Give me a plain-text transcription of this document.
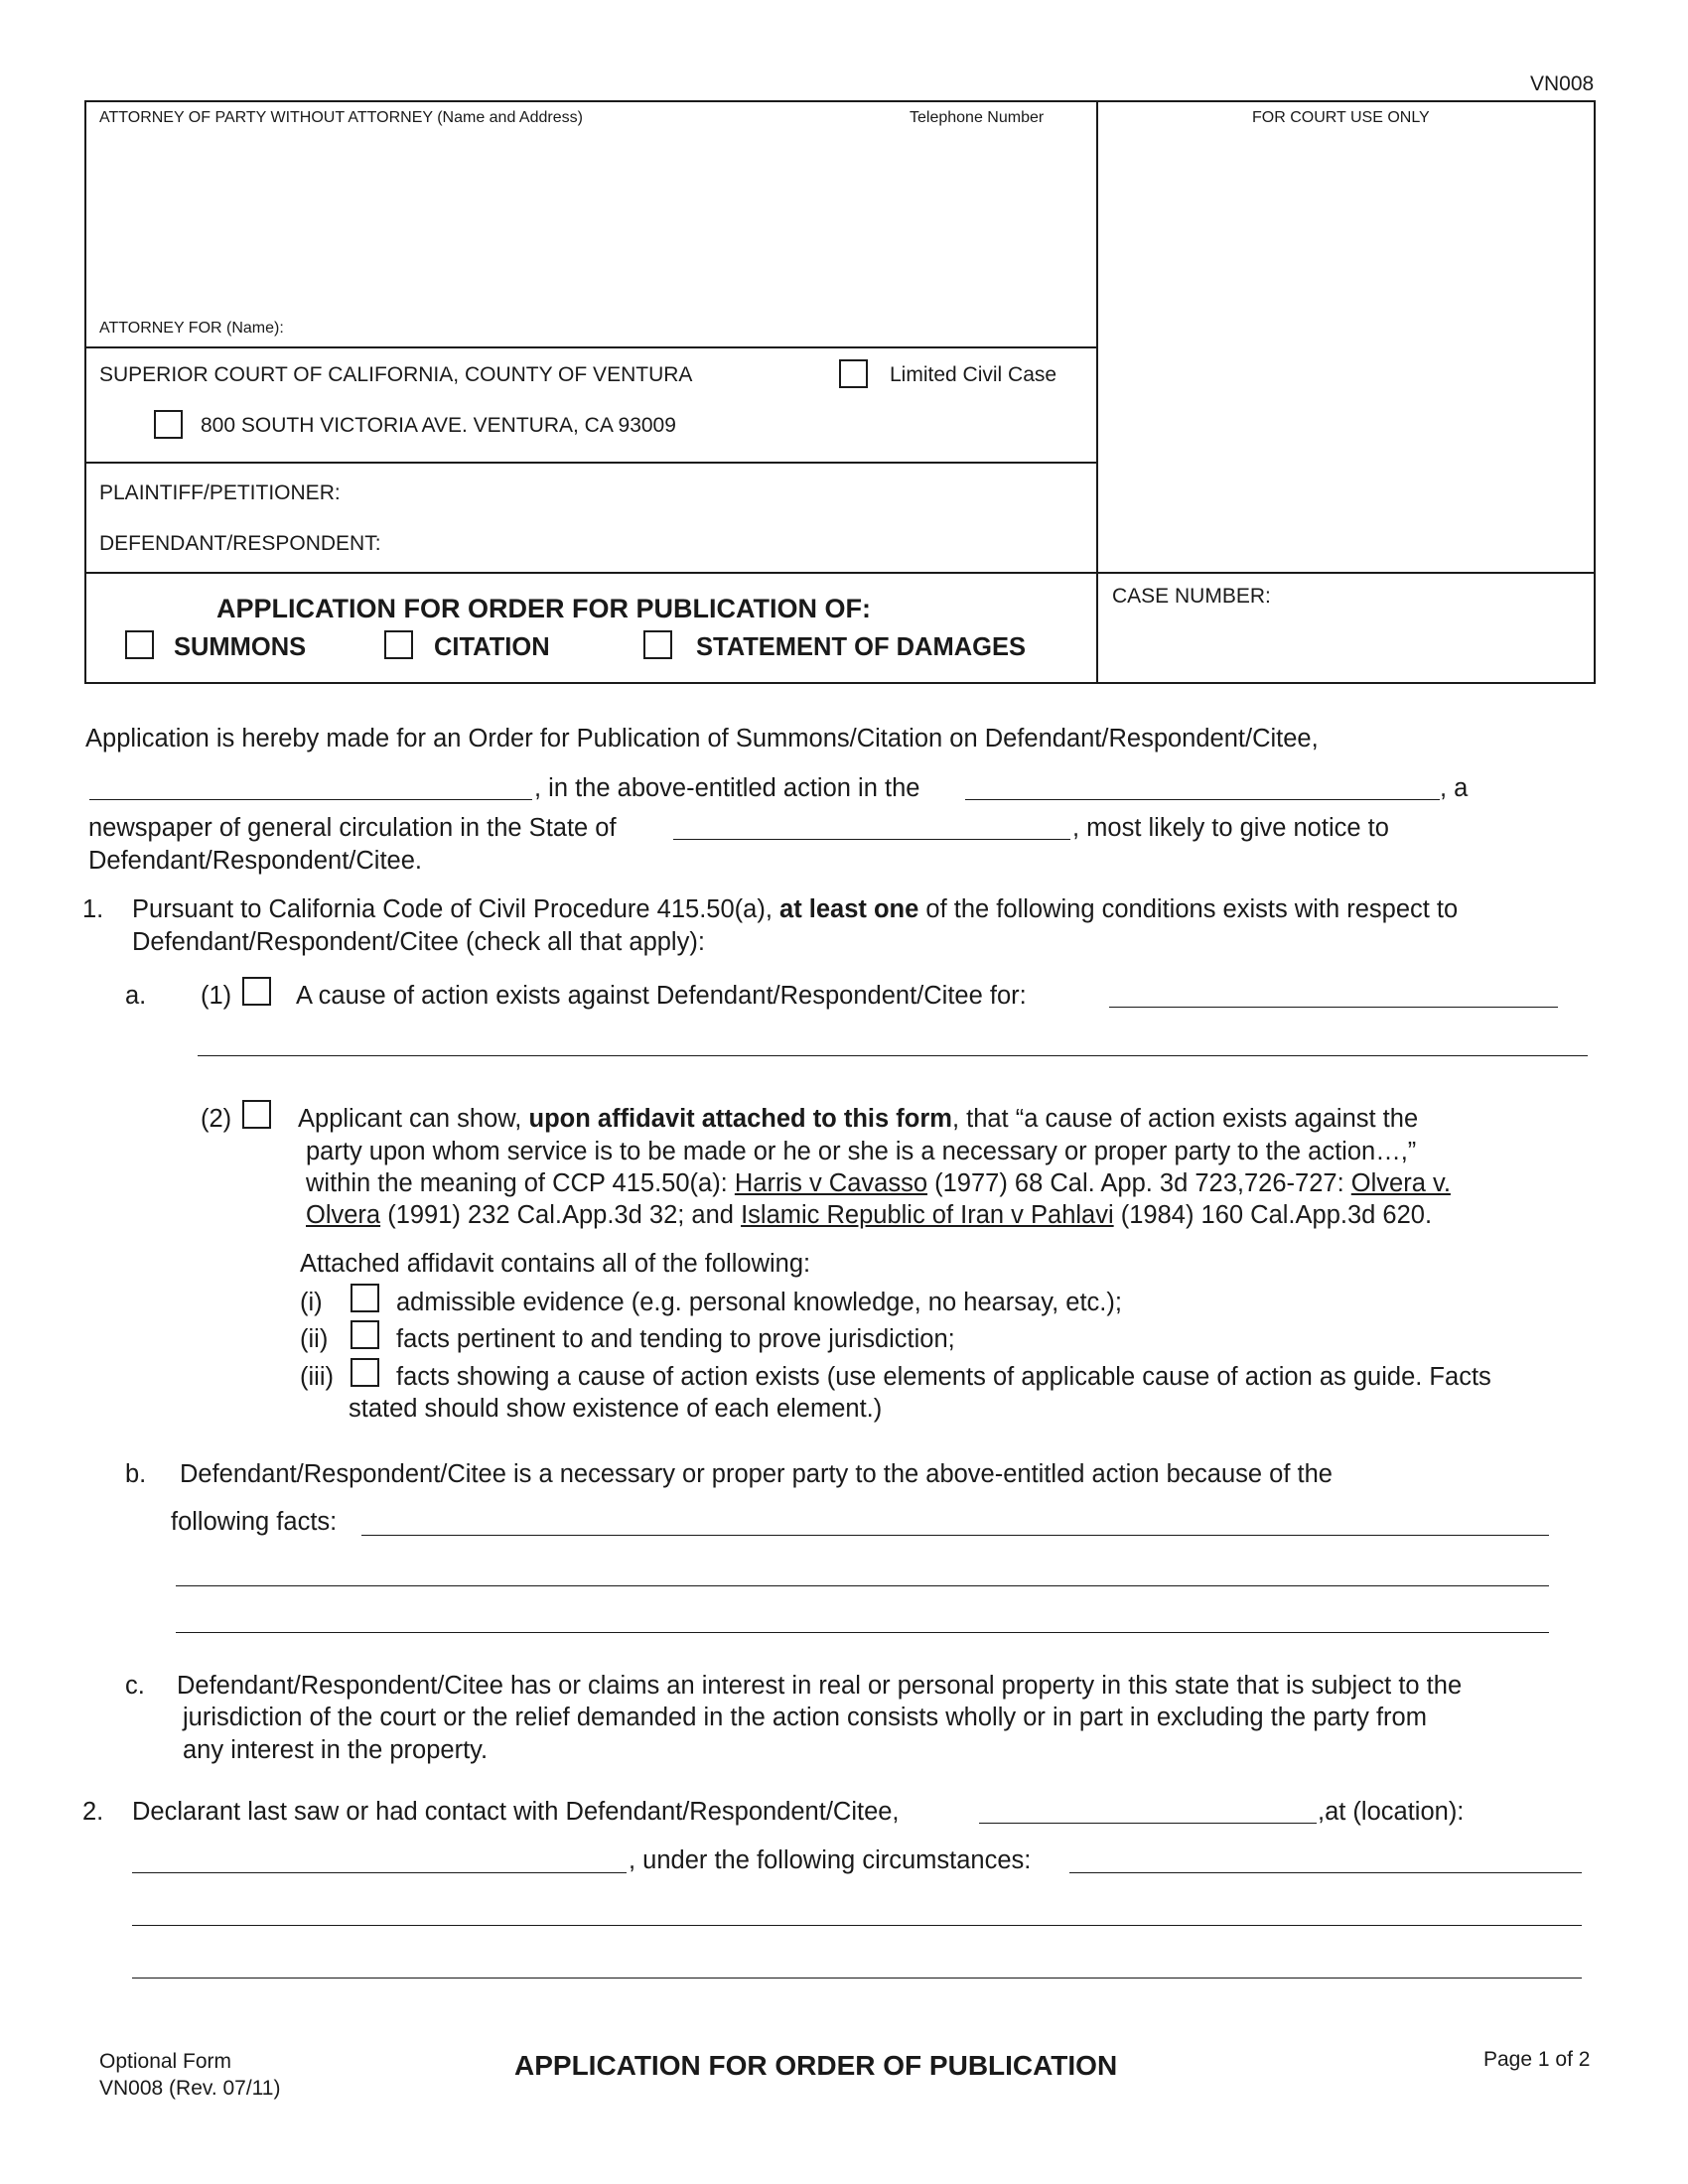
VN008
ATTORNEY OF PARTY WITHOUT ATTORNEY (Name and Address)	Telephone Number	FOR COURT USE ONLY
ATTORNEY FOR (Name):
SUPERIOR COURT OF CALIFORNIA, COUNTY OF VENTURA	Limited Civil Case
800 SOUTH VICTORIA AVE. VENTURA, CA 93009
PLAINTIFF/PETITIONER:
DEFENDANT/RESPONDENT:
APPLICATION FOR ORDER FOR PUBLICATION OF:
SUMMONS	CITATION	STATEMENT OF DAMAGES
CASE NUMBER:
Application is hereby made for an Order for Publication of Summons/Citation on Defendant/Respondent/Citee,
, in the above-entitled action in the	, a
newspaper of general circulation in the State of	, most likely to give notice to
Defendant/Respondent/Citee.
1. Pursuant to California Code of Civil Procedure 415.50(a), at least one of the following conditions exists with respect to
Defendant/Respondent/Citee (check all that apply):
a. (1)	A cause of action exists against Defendant/Respondent/Citee for:
(2)	Applicant can show, upon affidavit attached to this form, that “a cause of action exists against the
party upon whom service is to be made or he or she is a necessary or proper party to the action…,”
within the meaning of CCP 415.50(a): Harris v Cavasso (1977) 68 Cal. App. 3d 723,726-727: Olvera v.
Olvera (1991) 232 Cal.App.3d 32; and Islamic Republic of Iran v Pahlavi (1984) 160 Cal.App.3d 620.
Attached affidavit contains all of the following:
(i)	admissible evidence (e.g. personal knowledge, no hearsay, etc.);
(ii)	facts pertinent to and tending to prove jurisdiction;
(iii) facts showing a cause of action exists (use elements of applicable cause of action as guide. Facts
stated should show existence of each element.)
b. Defendant/Respondent/Citee is a necessary or proper party to the above-entitled action because of the
following facts:
c. Defendant/Respondent/Citee has or claims an interest in real or personal property in this state that is subject to the
jurisdiction of the court or the relief demanded in the action consists wholly or in part in excluding the party from
any interest in the property.
2. Declarant last saw or had contact with Defendant/Respondent/Citee,	,at (location):
, under the following circumstances:
Optional Form
VN008 (Rev. 07/11)
APPLICATION FOR ORDER OF PUBLICATION	Page 1 of 2
